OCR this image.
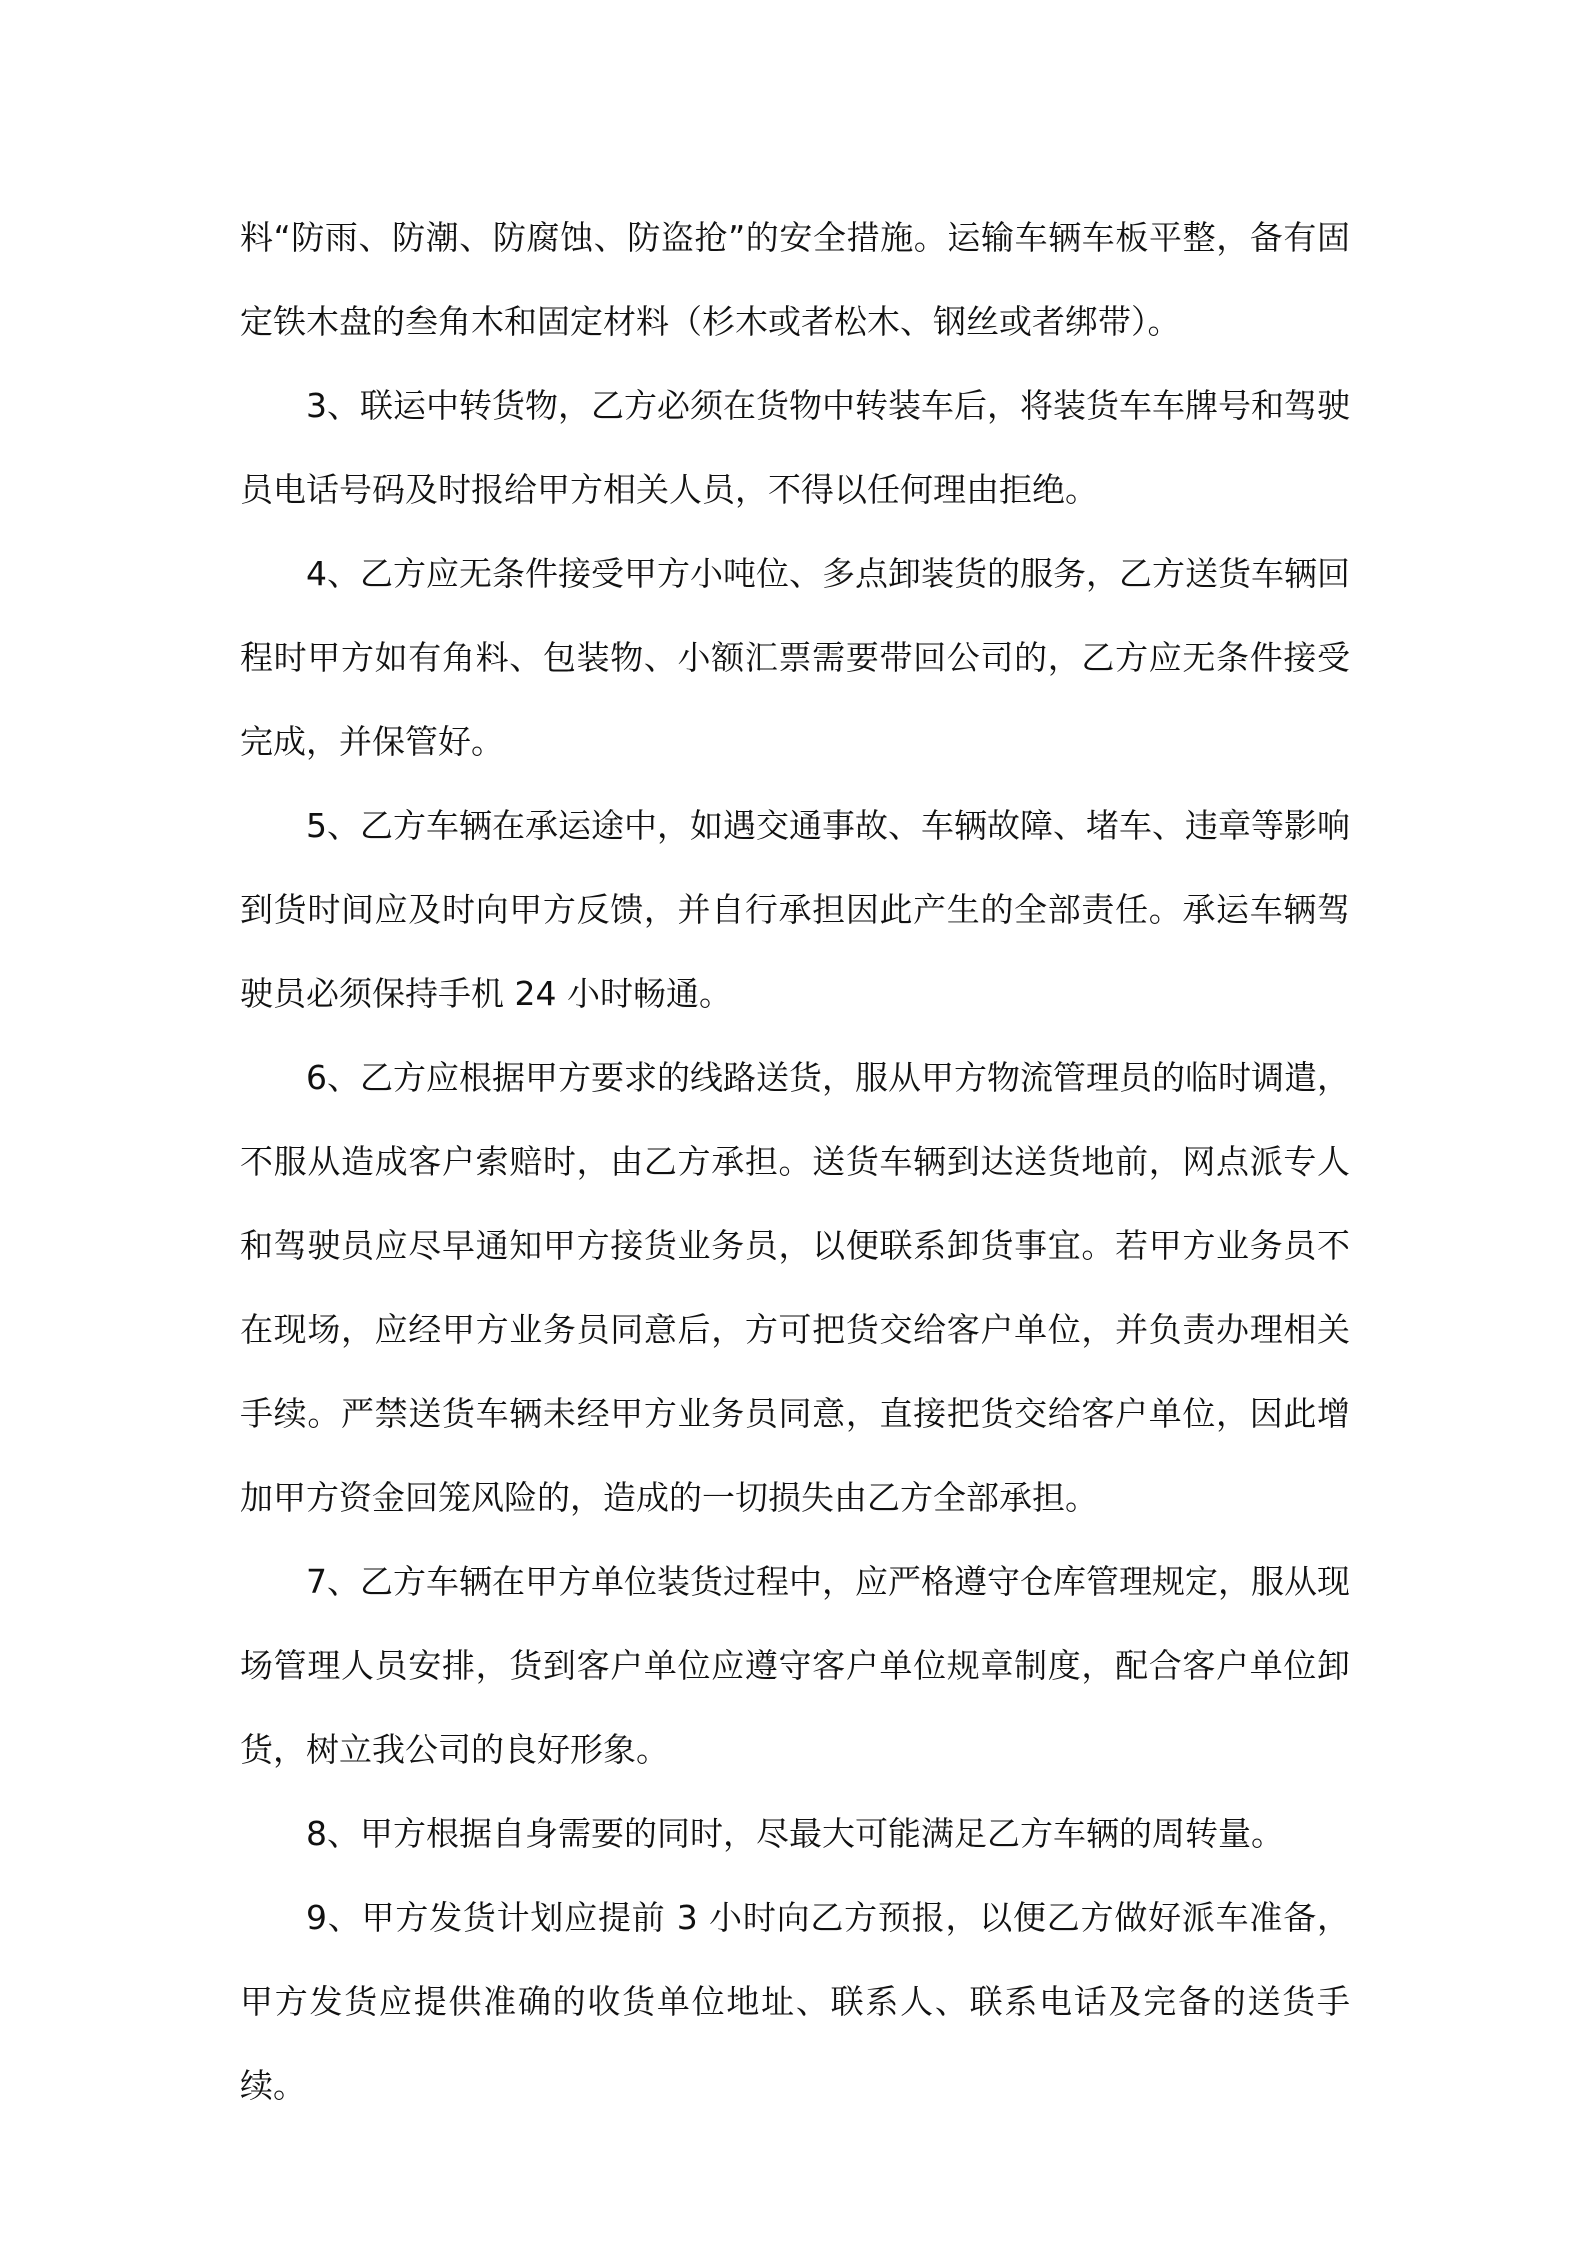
料“防雨、防潮、防腐蚀、防盗抢”的安全措施。运输车辆车板平整，备有固定铁木盘的叁角木和固定材料（杉木或者松木、钢丝或者绑带）。

3、联运中转货物，乙方必须在货物中转装车后，将装货车车牌号和驾驶员电话号码及时报给甲方相关人员，不得以任何理由拒绝。

4、乙方应无条件接受甲方小吨位、多点卸装货的服务，乙方送货车辆回程时甲方如有角料、包装物、小额汇票需要带回公司的，乙方应无条件接受完成，并保管好。

5、乙方车辆在承运途中，如遇交通事故、车辆故障、堵车、违章等影响到货时间应及时向甲方反馈，并自行承担因此产生的全部责任。承运车辆驾驶员必须保持手机 24 小时畅通。

6、乙方应根据甲方要求的线路送货，服从甲方物流管理员的临时调遣，不服从造成客户索赔时，由乙方承担。送货车辆到达送货地前，网点派专人和驾驶员应尽早通知甲方接货业务员，以便联系卸货事宜。若甲方业务员不在现场，应经甲方业务员同意后，方可把货交给客户单位，并负责办理相关手续。严禁送货车辆未经甲方业务员同意，直接把货交给客户单位，因此增加甲方资金回笼风险的，造成的一切损失由乙方全部承担。

7、乙方车辆在甲方单位装货过程中，应严格遵守仓库管理规定，服从现场管理人员安排，货到客户单位应遵守客户单位规章制度，配合客户单位卸货，树立我公司的良好形象。

8、甲方根据自身需要的同时，尽最大可能满足乙方车辆的周转量。

9、甲方发货计划应提前 3 小时向乙方预报，以便乙方做好派车准备，甲方发货应提供准确的收货单位地址、联系人、联系电话及完备的送货手续。
